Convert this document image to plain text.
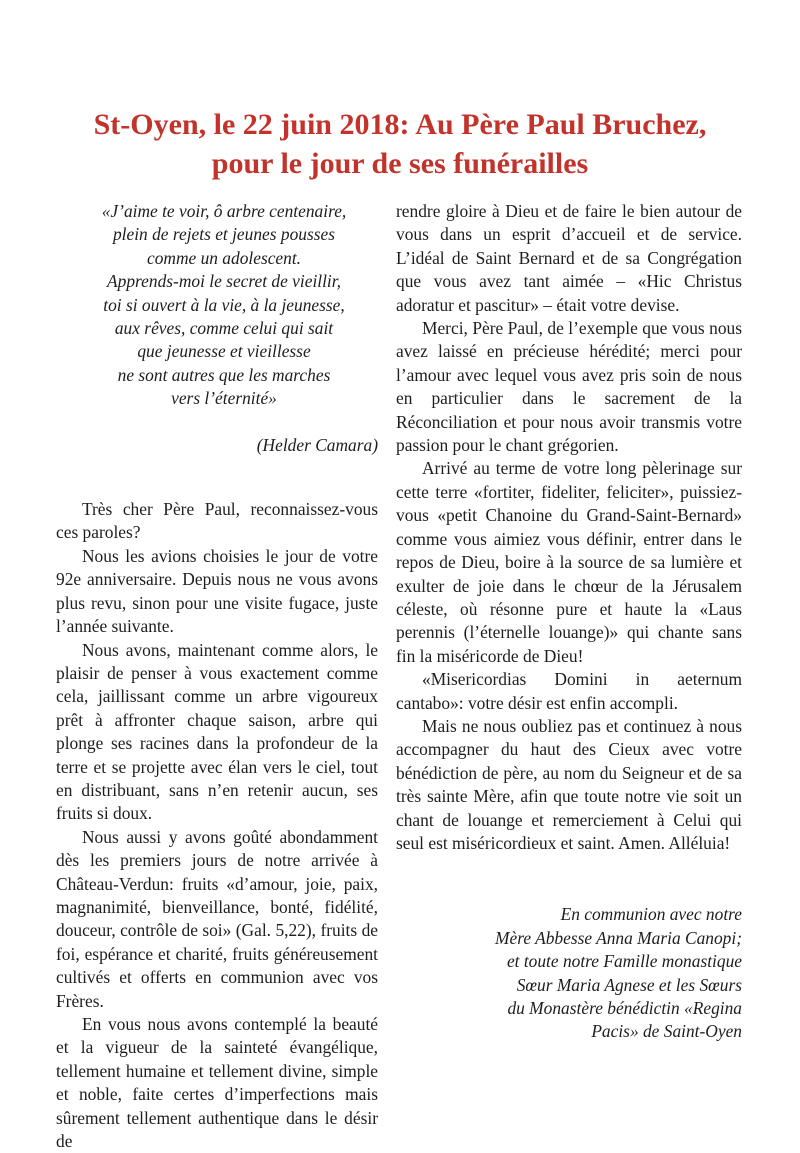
St-Oyen, le 22 juin 2018: Au Père Paul Bruchez,
pour le jour de ses funérailles
«J’aime te voir, ô arbre centenaire,
plein de rejets et jeunes pousses
comme un adolescent.
Apprends-moi le secret de vieillir,
toi si ouvert à la vie, à la jeunesse,
aux rêves, comme celui qui sait
que jeunesse et vieillesse
ne sont autres que les marches
vers l’éternité»
(Helder Camara)

Très cher Père Paul, reconnaissez-vous ces paroles?

Nous les avions choisies le jour de votre 92e anniversaire. Depuis nous ne vous avons plus revu, sinon pour une visite fugace, juste l’année suivante.

Nous avons, maintenant comme alors, le plaisir de penser à vous exactement comme cela, jaillissant comme un arbre vigoureux prêt à affronter chaque saison, arbre qui plonge ses racines dans la profondeur de la terre et se projette avec élan vers le ciel, tout en distribuant, sans n’en retenir aucun, ses fruits si doux.

Nous aussi y avons goûté abondamment dès les premiers jours de notre arrivée à Château-Verdun: fruits «d’amour, joie, paix, magnanimité, bienveillance, bonté, fidélité, douceur, contrôle de soi» (Gal. 5,22), fruits de foi, espérance et charité, fruits généreusement cultivés et offerts en communion avec vos Frères.

En vous nous avons contemplé la beauté et la vigueur de la sainteté évangélique, tellement humaine et tellement divine, simple et noble, faite certes d’imperfections mais sûrement tellement authentique dans le désir de

rendre gloire à Dieu et de faire le bien autour de vous dans un esprit d’accueil et de service. L’idéal de Saint Bernard et de sa Congrégation que vous avez tant aimée – «Hic Christus adoratur et pascitur» – était votre devise.

Merci, Père Paul, de l’exemple que vous nous avez laissé en précieuse hérédité; merci pour l’amour avec lequel vous avez pris soin de nous en particulier dans le sacrement de la Réconciliation et pour nous avoir transmis votre passion pour le chant grégorien.

Arrivé au terme de votre long pèlerinage sur cette terre «fortiter, fideliter, feliciter», puissiez-vous «petit Chanoine du Grand-Saint-Bernard» comme vous aimiez vous définir, entrer dans le repos de Dieu, boire à la source de sa lumière et exulter de joie dans le chœur de la Jérusalem céleste, où résonne pure et haute la «Laus perennis (l’éternelle louange)» qui chante sans fin la miséricorde de Dieu!

«Misericordias Domini in aeternum cantabo»: votre désir est enfin accompli.

Mais ne nous oubliez pas et continuez à nous accompagner du haut des Cieux avec votre bénédiction de père, au nom du Seigneur et de sa très sainte Mère, afin que toute notre vie soit un chant de louange et remerciement à Celui qui seul est miséricordieux et saint. Amen. Alléluia!

En communion avec notre
Mère Abbesse Anna Maria Canopi;
et toute notre Famille monastique
Sœur Maria Agnese et les Sœurs
du Monastère bénédictin «Regina
Pacis» de Saint-Oyen
